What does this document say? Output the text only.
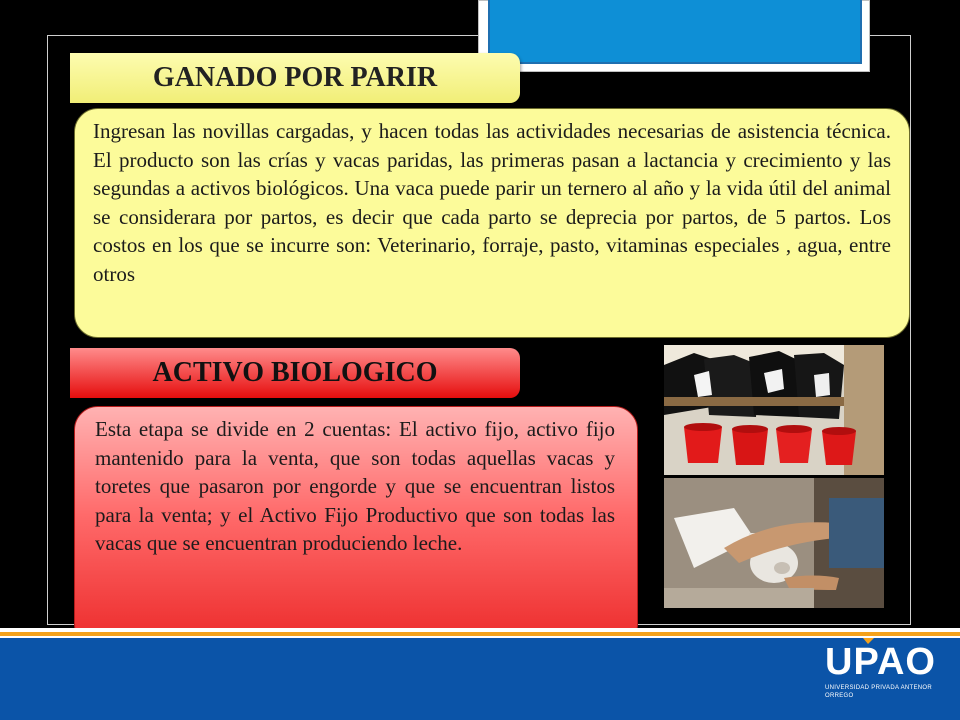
GANADO POR PARIR
Ingresan las novillas cargadas, y hacen todas las actividades necesarias de asistencia técnica. El producto son las crías y vacas paridas, las primeras pasan a lactancia y crecimiento y las segundas a activos biológicos. Una vaca puede parir un ternero al año y la vida útil del animal se considerara por partos, es decir que cada parto se deprecia por partos, de 5 partos. Los costos en los que se incurre son: Veterinario, forraje, pasto, vitaminas especiales , agua, entre otros
ACTIVO BIOLOGICO
Esta etapa se divide en 2 cuentas: El activo fijo, activo fijo mantenido para la venta, que son todas aquellas vacas y toretes que pasaron por engorde y que se encuentran listos para la venta; y el Activo Fijo Productivo que son todas las vacas que se encuentran produciendo leche.
UPAO
UNIVERSIDAD PRIVADA ANTENOR ORREGO
